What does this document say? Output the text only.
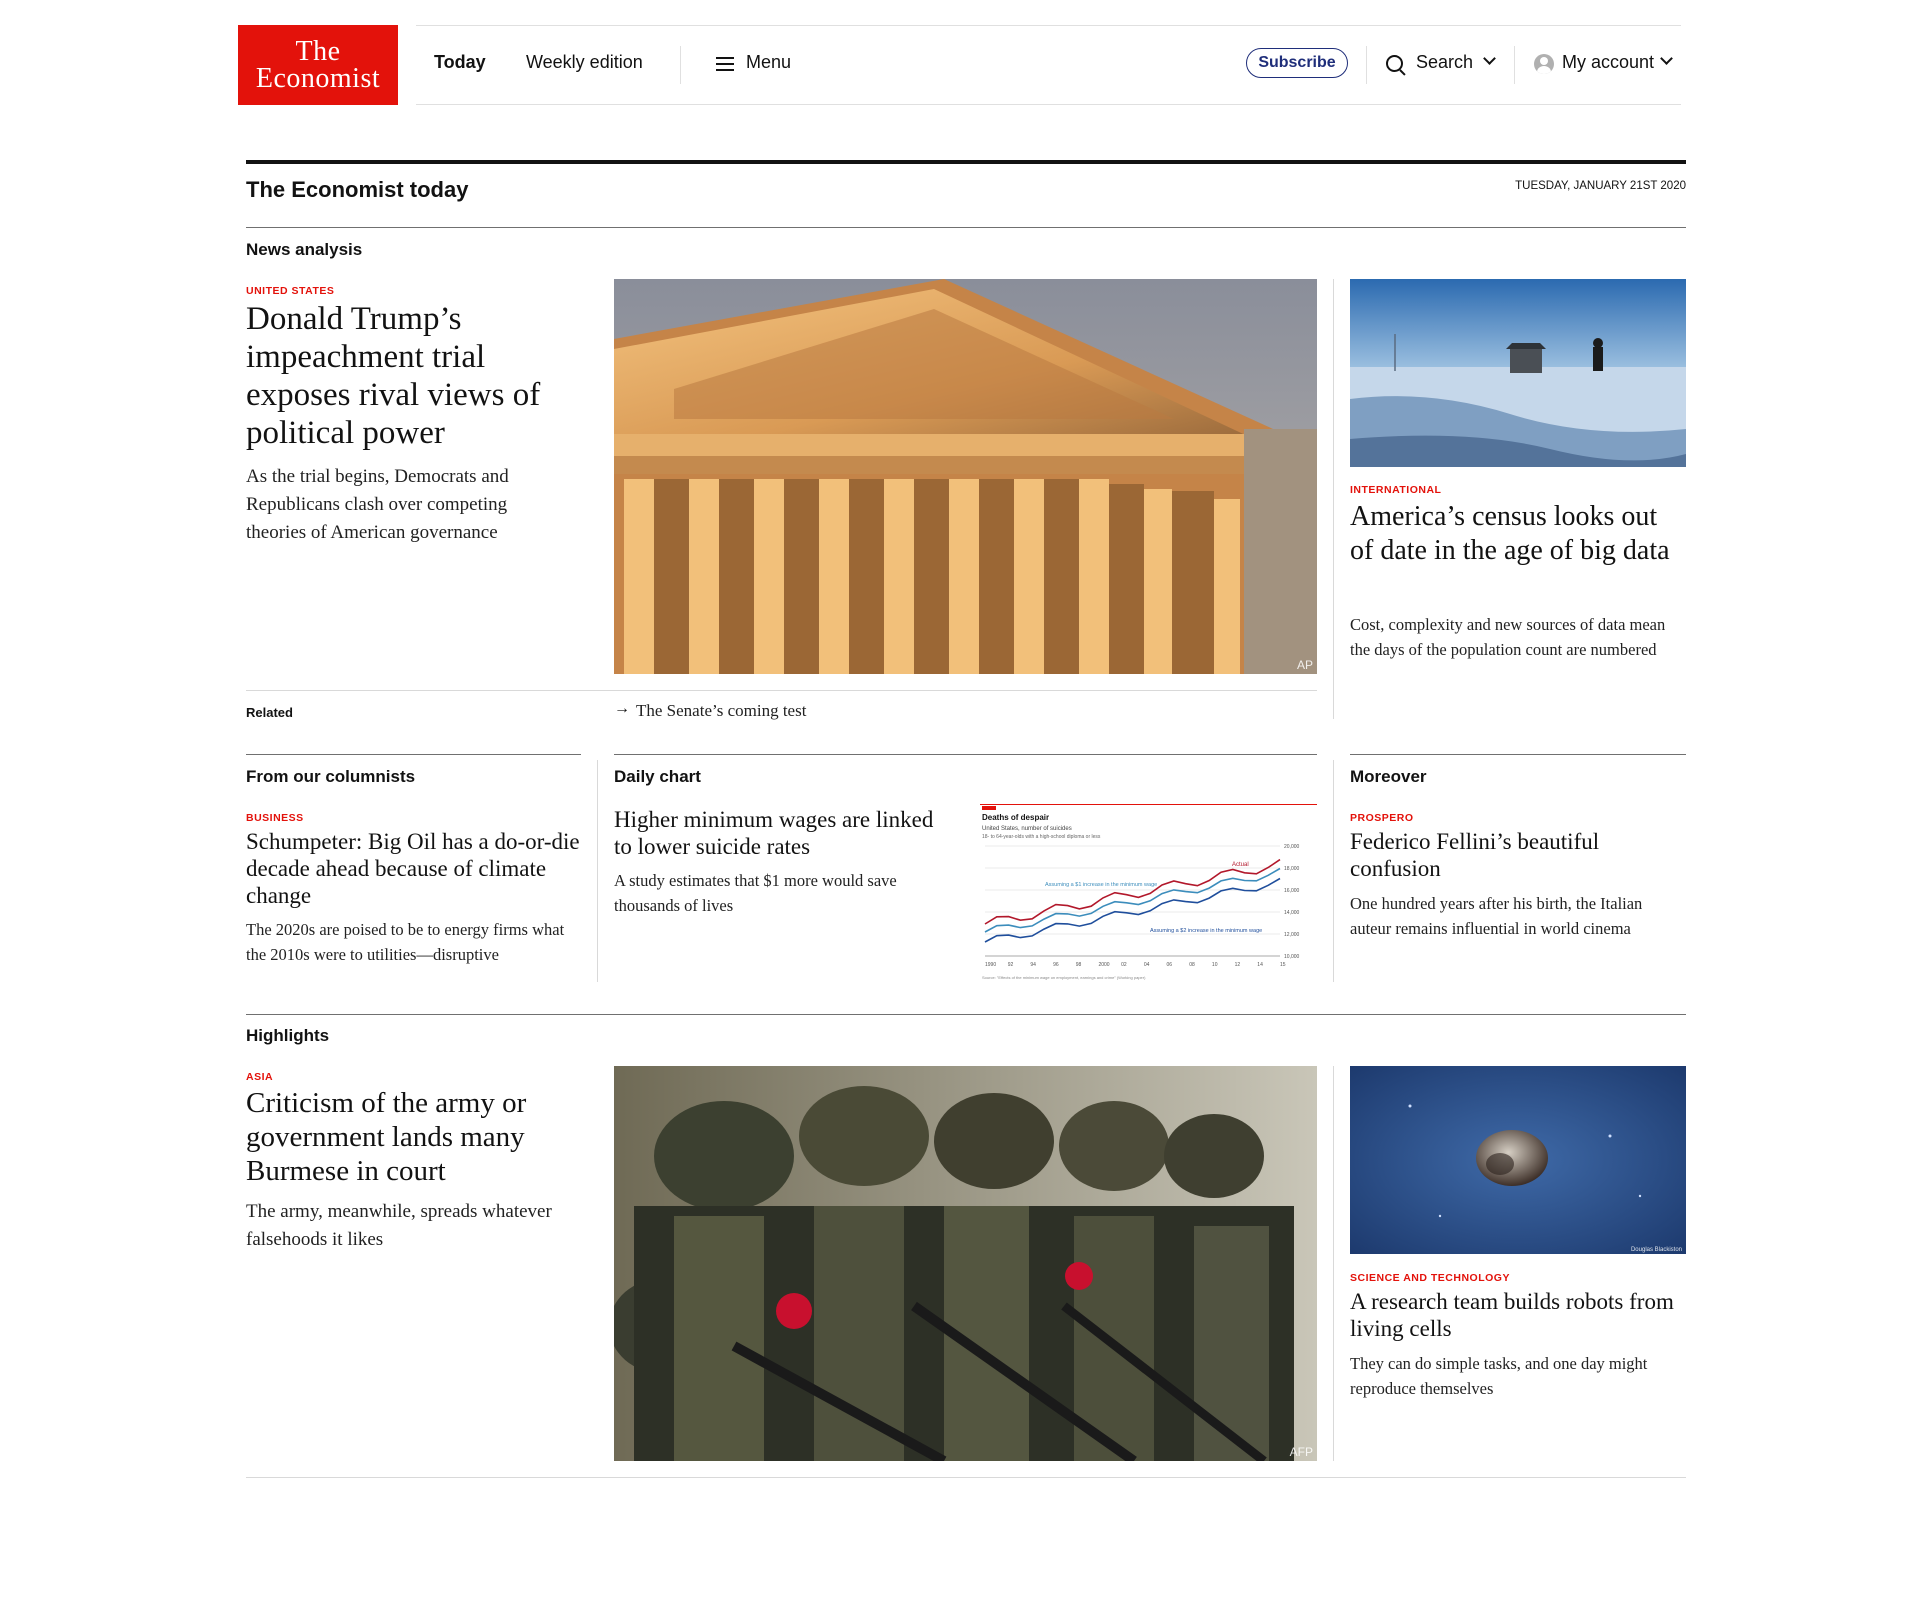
The
Economist
Today Weekly edition	Menu	Subscribe	Search	My account
The Economist today	TUESDAY, JANUARY 21ST 2020
News analysis
UNITED STATES
Donald Trump’s impeachment trial exposes rival views of political power
As the trial begins, Democrats and Republicans clash over competing theories of American governance
AP
Related	→ The Senate’s coming test
INTERNATIONAL
America’s census looks out of date in the age of big data
Cost, complexity and new sources of data mean the days of the population count are numbered
From our columnists
BUSINESS
Schumpeter: Big Oil has a do-or-die decade ahead because of climate change
The 2020s are poised to be to energy firms what the 2010s were to utilities—disruptive
Daily chart
Higher minimum wages are linked to lower suicide rates
A study estimates that $1 more would save thousands of lives
Deaths of despair
United States, number of suicides
18- to 64-year-olds with a high-school diploma or less
20,000
18,000
16,000
14,000
12,000
10,000
1990 92	94	96	98	2000 02	04	06	08	10	12	14	15
Actual
Assuming a $1 increase in the minimum wage
Assuming a $2 increase in the minimum wage
Source: "Effects of the minimum wage on employment, earnings and crime" (Working paper)
Moreover
PROSPERO
Federico Fellini’s beautiful confusion
One hundred years after his birth, the Italian auteur remains influential in world cinema
Highlights
ASIA
Criticism of the army or government lands many Burmese in court
The army, meanwhile, spreads whatever falsehoods it likes
AFP
Douglas Blackiston
SCIENCE AND TECHNOLOGY
A research team builds robots from living cells
They can do simple tasks, and one day might reproduce themselves
